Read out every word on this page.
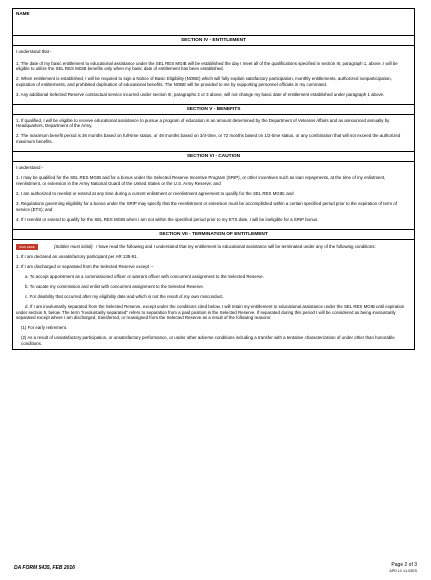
NAME
SECTION IV - ENTITLEMENT

I understand that -

1. The date of my basic entitlement to educational assistance under the SEL RES MGIB will be established the day I meet all of the qualifications specified in section III, paragraph 1, above. I will be eligible to utilize the SEL RES MGIB benefits only when my basic date of entitlement has been established.

2. When entitlement is established, I will be required to sign a Notice of Basic Eligibility (NOBE) which will fully explain satisfactory participation, monthly entitlements, authorized nonparticipation, expiration of entitlements, and prohibited duplication of educational benefits. The NOBE will be provided to me by supporting personnel officials in my command.

3. Any additional Selected Reserve contractual service incurred under section III, paragraphs 2 or 3 above, will not change my basic date of entitlement established under paragraph 1 above.

SECTION V - BENEFITS

1. If qualified, I will be eligible to receive educational assistance to pursue a program of education in an amount determined by the Department of Veterans Affairs and as announced annually by Headquarters, Department of the Army.

2. The maximum benefit period is 36 months based on full-time status, or 48 months based on 3/4-time, or 72 months based on 1/2-time status, or any combination that will not exceed the authorized maximum benefits.

SECTION VI - CAUTION

I understand -

1. I may be qualified for the SEL RES MGIB and for a bonus under the Selected Reserve Incentive Program (SRIP), or other incentives such as loan repayments, at the time of my enlistment, reenlistment, or extension in the Army National Guard of the United States or the U.S. Army Reserve; and

2. I am authorized to reenlist or extend at any time during a current enlistment or reenlistment agreement to qualify for the SEL RES MGIB; and

3. Regulations governing eligibility for a bonus under the SRIP may specify that the reenlistment or extension must be accomplished within a certain specified period prior to the expiration of term of service (ETS); and

4. If I reenlist or extend to qualify for the SEL RES MGIB when I am not within the specified period prior to my ETS date, I will be ineligible for a SRIP bonus.

SECTION VII - TERMINATION OF ENTITLEMENT

SIGN HERE	(Soldier must initial) I have read the following and I understand that my entitlement to educational assistance will be terminated under any of the following conditions:

1. If I am declared an unsatisfactory participant per AR 135-91.

2. If I am discharged or separated from the Selected Reserve except --

a. To accept appointment as a commissioned officer or warrant officer with concurrent assignment to the Selected Reserve.

b. To vacate my commission and enlist with concurrent assignment to the Selected Reserve.

c. For disability that occurred after my eligibility date and which is not the result of my own misconduct.

d. If I am involuntarily separated from the Selected Reserve, except under the conditions cited below, I will retain my entitlement to educational assistance under the SEL RES MGIB until expiration under section 5, below. The term "involuntarily separated" refers to separation from a paid position in the Selected Reserve. If separated during this period I will be considered as being involuntarily separated except where I am discharged, transferred, or reassigned from the Selected Reserve as a result of the following reasons:

(1) For early retirement.

(2) As a result of unsatisfactory participation, or unsatisfactory performance, or under other adverse conditions including a transfer with a tentative characterization of under other than honorable conditions.

DA FORM 5435, FEB 2016	Page 2 of 3
APD LC v1.02ES
